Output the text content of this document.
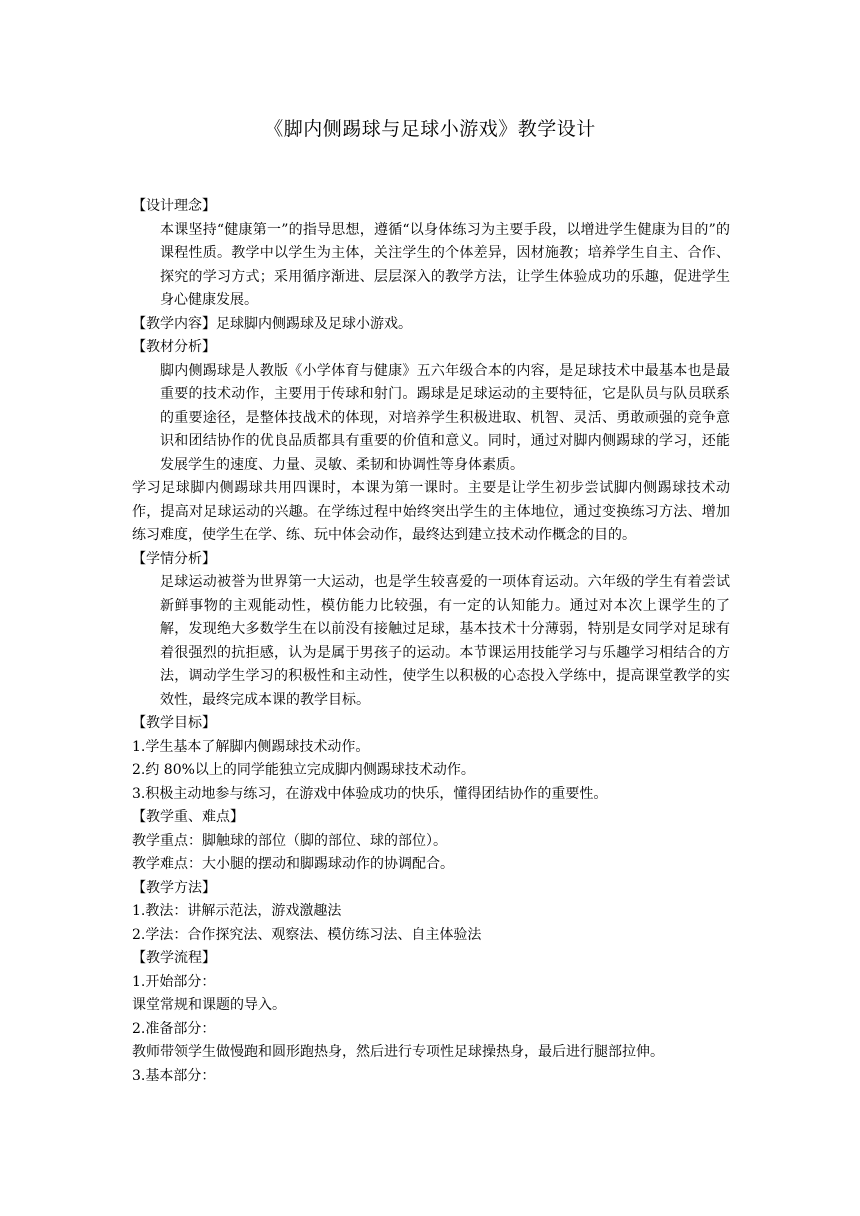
《脚内侧踢球与足球小游戏》教学设计

【设计理念】

本课坚持“健康第一”的指导思想，遵循“以身体练习为主要手段，以增进学生健康为目的”的课程性质。教学中以学生为主体，关注学生的个体差异，因材施教；培养学生自主、合作、探究的学习方式；采用循序渐进、层层深入的教学方法，让学生体验成功的乐趣，促进学生身心健康发展。

【教学内容】足球脚内侧踢球及足球小游戏。

【教材分析】

脚内侧踢球是人教版《小学体育与健康》五六年级合本的内容，是足球技术中最基本也是最重要的技术动作，主要用于传球和射门。踢球是足球运动的主要特征，它是队员与队员联系的重要途径，是整体技战术的体现，对培养学生积极进取、机智、灵活、勇敢顽强的竞争意识和团结协作的优良品质都具有重要的价值和意义。同时，通过对脚内侧踢球的学习，还能发展学生的速度、力量、灵敏、柔韧和协调性等身体素质。

学习足球脚内侧踢球共用四课时，本课为第一课时。主要是让学生初步尝试脚内侧踢球技术动作，提高对足球运动的兴趣。在学练过程中始终突出学生的主体地位，通过变换练习方法、增加练习难度，使学生在学、练、玩中体会动作，最终达到建立技术动作概念的目的。

【学情分析】

足球运动被誉为世界第一大运动，也是学生较喜爱的一项体育运动。六年级的学生有着尝试新鲜事物的主观能动性，模仿能力比较强，有一定的认知能力。通过对本次上课学生的了解，发现绝大多数学生在以前没有接触过足球，基本技术十分薄弱，特别是女同学对足球有着很强烈的抗拒感，认为是属于男孩子的运动。本节课运用技能学习与乐趣学习相结合的方法，调动学生学习的积极性和主动性，使学生以积极的心态投入学练中，提高课堂教学的实效性，最终完成本课的教学目标。

【教学目标】

1.学生基本了解脚内侧踢球技术动作。

2.约 80%以上的同学能独立完成脚内侧踢球技术动作。

3.积极主动地参与练习，在游戏中体验成功的快乐，懂得团结协作的重要性。

【教学重、难点】

教学重点：脚触球的部位（脚的部位、球的部位）。

教学难点：大小腿的摆动和脚踢球动作的协调配合。

【教学方法】

1.教法：讲解示范法，游戏激趣法

2.学法：合作探究法、观察法、模仿练习法、自主体验法

【教学流程】

1.开始部分：

课堂常规和课题的导入。

2.准备部分：

教师带领学生做慢跑和圆形跑热身，然后进行专项性足球操热身，最后进行腿部拉伸。

3.基本部分：
